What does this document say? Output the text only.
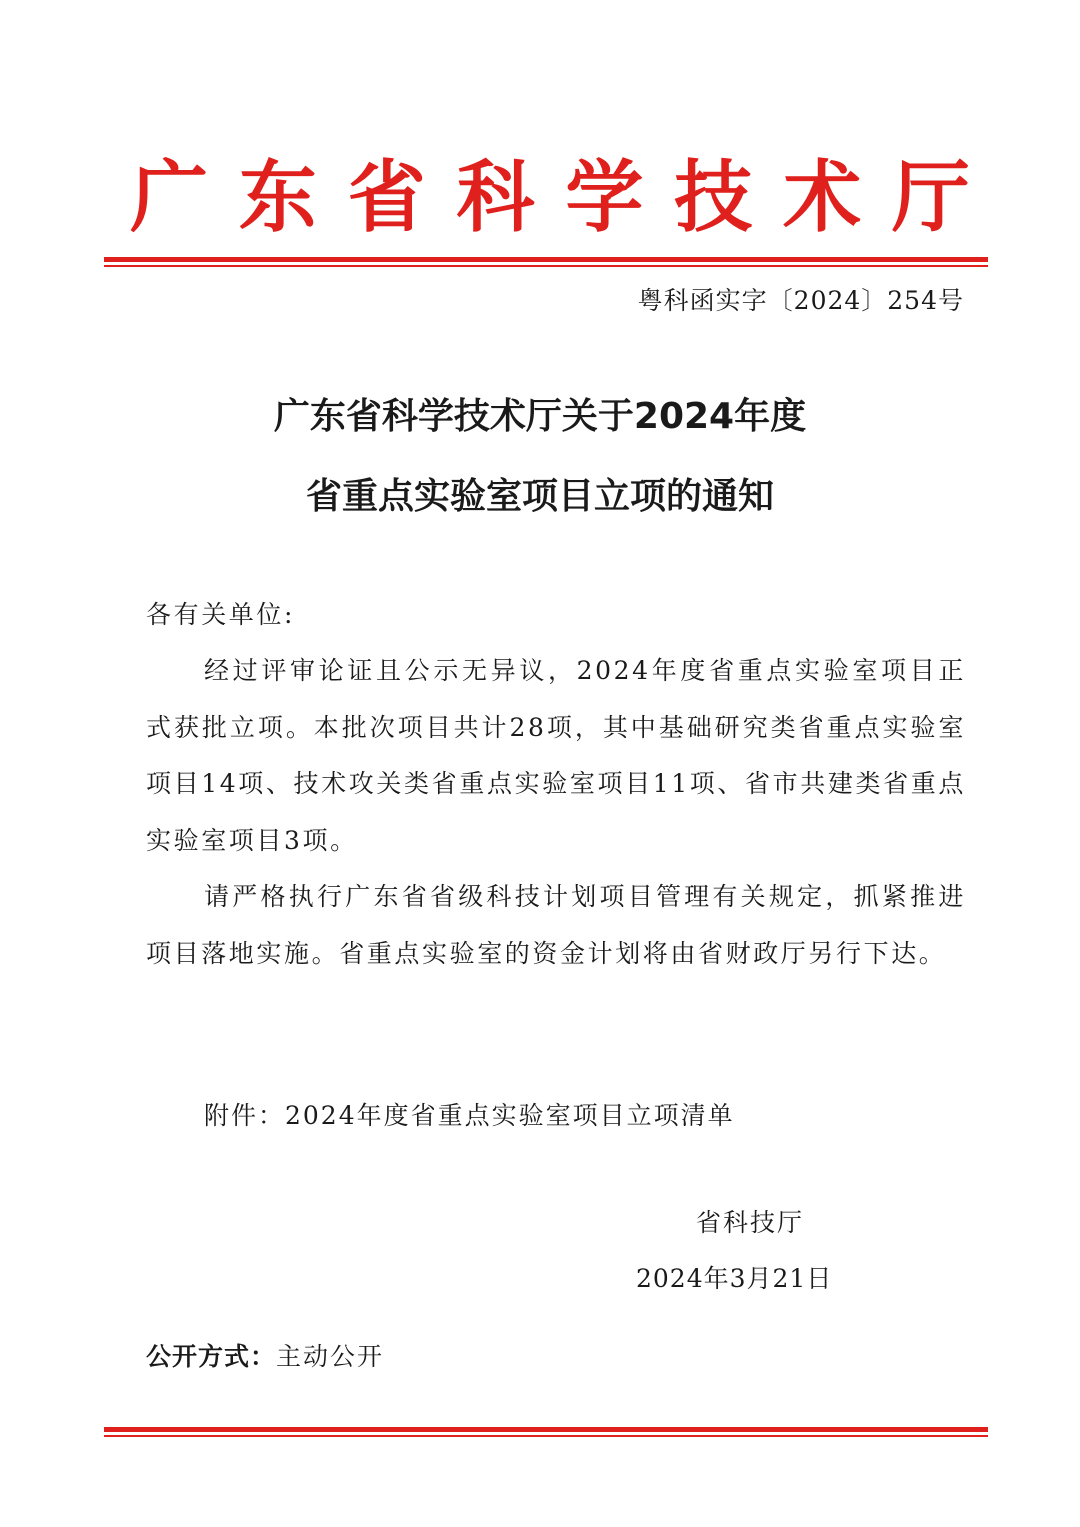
广 东 省 科 学 技 术 厅
粤科函实字〔2024〕254号
广东省科学技术厅关于2024年度
省重点实验室项目立项的通知
各有关单位:
经过评审论证且公示无异议，2024年度省重点实验室项目正式获批立项。本批次项目共计28项，其中基础研究类省重点实验室项目14项、技术攻关类省重点实验室项目11项、省市共建类省重点实验室项目3项。
请严格执行广东省省级科技计划项目管理有关规定，抓紧推进项目落地实施。省重点实验室的资金计划将由省财政厅另行下达。
附件：2024年度省重点实验室项目立项清单
省科技厅
2024年3月21日
公开方式：主动公开
